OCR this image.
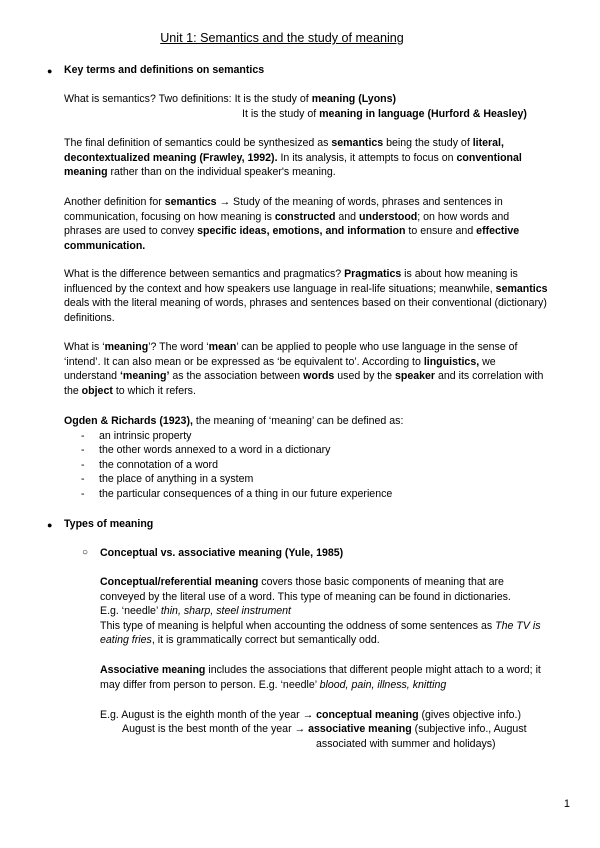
Unit 1: Semantics and the study of meaning
● Key terms and definitions on semantics

What is semantics? Two definitions: It is the study of meaning (Lyons)

It is the study of meaning in language (Hurford & Heasley)

The final definition of semantics could be synthesized as semantics being the study of literal,

decontextualized meaning (Frawley, 1992). In its analysis, it attempts to focus on conventional

meaning rather than on the individual speaker's meaning.

Another definition for semantics → Study of the meaning of words, phrases and sentences in

communication, focusing on how meaning is constructed and understood; on how words and

phrases are used to convey specific ideas, emotions, and information to ensure and effective

communication.

What is the difference between semantics and pragmatics? Pragmatics is about how meaning is

influenced by the context and how speakers use language in real-life situations; meanwhile, semantics

deals with the literal meaning of words, phrases and sentences based on their conventional (dictionary)

definitions.

What is ‘meaning’? The word ‘mean’ can be applied to people who use language in the sense of

‘intend’. It can also mean or be expressed as ‘be equivalent to’. According to linguistics, we

understand ‘meaning’ as the association between words used by the speaker and its correlation with

the object to which it refers.

Ogden & Richards (1923), the meaning of ‘meaning’ can be defined as:

- an intrinsic property
- the other words annexed to a word in a dictionary
- the connotation of a word
- the place of anything in a system
- the particular consequences of a thing in our future experience
● Types of meaning
○ Conceptual vs. associative meaning (Yule, 1985)

Conceptual/referential meaning covers those basic components of meaning that are

conveyed by the literal use of a word. This type of meaning can be found in dictionaries.

E.g. ‘needle’ thin, sharp, steel instrument

This type of meaning is helpful when accounting the oddness of some sentences as The TV is

eating fries, it is grammatically correct but semantically odd.

Associative meaning includes the associations that different people might attach to a word; it

may differ from person to person. E.g. ‘needle’ blood, pain, illness, knitting

E.g. August is the eighth month of the year → conceptual meaning (gives objective info.)

August is the best month of the year → associative meaning (subjective info., August

associated with summer and holidays)

1
